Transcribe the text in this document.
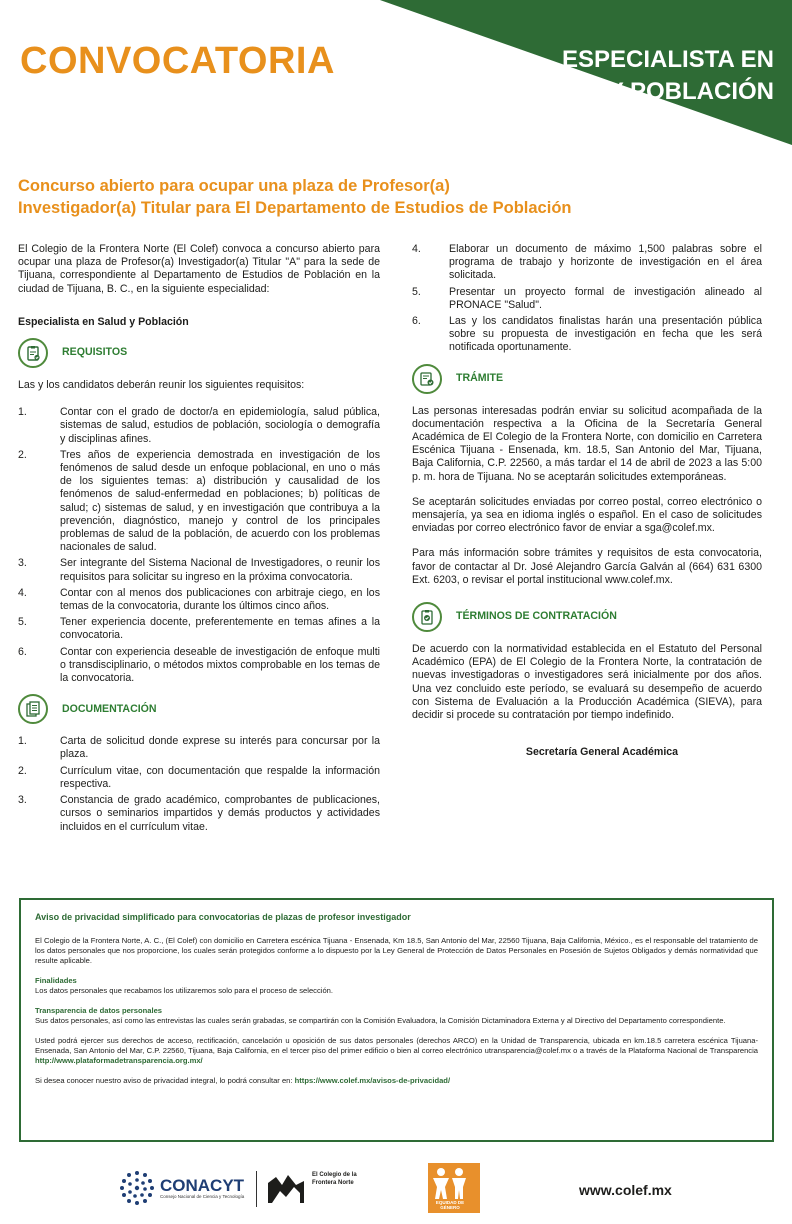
CONVOCATORIA	ESPECIALISTA EN
SALUD Y POBLACIÓN
Concurso abierto para ocupar una plaza de Profesor(a)
Investigador(a) Titular para El Departamento de Estudios de Población

El Colegio de la Frontera Norte (El Colef) convoca a concurso abierto para ocupar una plaza de Profesor(a) Investigador(a) Titular "A" para la sede de Tijuana, correspondiente al Departamento de Estudios de Población en la ciudad de Tijuana, B. C., en la siguiente especialidad:

Especialista en Salud y Población

REQUISITOS

Las y los candidatos deberán reunir los siguientes requisitos:

1.	Contar con el grado de doctor/a en epidemiología, salud pública, sistemas de salud, estudios de población, sociología o demografía y disciplinas afines.
2.	Tres años de experiencia demostrada en investigación de los fenómenos de salud desde un enfoque poblacional, en uno o más de los siguientes temas: a) distribución y causalidad de los fenómenos de salud-enfermedad en poblaciones; b) políticas de salud; c) sistemas de salud, y en investigación que contribuya a la prevención, diagnóstico, manejo y control de los principales problemas de salud de la población, de acuerdo con los problemas nacionales de salud.
3.	Ser integrante del Sistema Nacional de Investigadores, o reunir los requisitos para solicitar su ingreso en la próxima convocatoria.
4.	Contar con al menos dos publicaciones con arbitraje ciego, en los temas de la convocatoria, durante los últimos cinco años.
5.	Tener experiencia docente, preferentemente en temas afines a la convocatoria.
6.	Contar con experiencia deseable de investigación de enfoque multi o transdisciplinario, o métodos mixtos comprobable en los temas de la convocatoria.
DOCUMENTACIÓN
1.	Carta de solicitud donde exprese su interés para concursar por la plaza.
2.	Currículum vitae, con documentación que respalde la información respectiva.
3.	Constancia de grado académico, comprobantes de publicaciones, cursos o seminarios impartidos y demás productos y actividades incluidos en el currículum vitae.
4.	Elaborar un documento de máximo 1,500 palabras sobre el programa de trabajo y horizonte de investigación en el área solicitada.
5.	Presentar un proyecto formal de investigación alineado al PRONACE "Salud".
6.	Las y los candidatos finalistas harán una presentación pública sobre su propuesta de investigación en fecha que les será notificada oportunamente.
TRÁMITE

Las personas interesadas podrán enviar su solicitud acompañada de la documentación respectiva a la Oficina de la Secretaría General Académica de El Colegio de la Frontera Norte, con domicilio en Carretera Escénica Tijuana - Ensenada, km. 18.5, San Antonio del Mar, Tijuana, Baja California, C.P. 22560, a más tardar el 14 de abril de 2023 a las 5:00 p. m. hora de Tijuana. No se aceptarán solicitudes extemporáneas.

Se aceptarán solicitudes enviadas por correo postal, correo electrónico o mensajería, ya sea en idioma inglés o español. En el caso de solicitudes enviadas por correo electrónico favor de enviar a sga@colef.mx.

Para más información sobre trámites y requisitos de esta convocatoria, favor de contactar al Dr. José Alejandro García Galván al (664) 631 6300 Ext. 6203, o revisar el portal institucional www.colef.mx.

TÉRMINOS DE CONTRATACIÓN

De acuerdo con la normatividad establecida en el Estatuto del Personal Académico (EPA) de El Colegio de la Frontera Norte, la contratación de nuevas investigadoras o investigadores será inicialmente por dos años. Una vez concluido este período, se evaluará su desempeño de acuerdo con Sistema de Evaluación a la Producción Académica (SIEVA), para decidir si procede su contratación por tiempo indefinido.

Secretaría General Académica

Aviso de privacidad simplificado para convocatorias de plazas de profesor investigador

El Colegio de la Frontera Norte, A. C., (El Colef) con domicilio en Carretera escénica Tijuana - Ensenada, Km 18.5, San Antonio del Mar, 22560 Tijuana, Baja California, México., es el responsable del tratamiento de los datos personales que nos proporcione, los cuales serán protegidos conforme a lo dispuesto por la Ley General de Protección de Datos Personales en Posesión de Sujetos Obligados y demás normatividad que resulte aplicable.

Finalidades

Los datos personales que recabamos los utilizaremos solo para el proceso de selección.

Transparencia de datos personales

Sus datos personales, así como las entrevistas las cuales serán grabadas, se compartirán con la Comisión Evaluadora, la Comisión Dictaminadora Externa y al Directivo del Departamento correspondiente.

Usted podrá ejercer sus derechos de acceso, rectificación, cancelación u oposición de sus datos personales (derechos ARCO) en la Unidad de Transparencia, ubicada en km.18.5 carretera escénica Tijuana-Ensenada, San Antonio del Mar, C.P. 22560, Tijuana, Baja California, en el tercer piso del primer edificio o bien al correo electrónico utransparencia@colef.mx o a través de la Plataforma Nacional de Transparencia http://www.plataformadetransparencia.org.mx/

Si desea conocer nuestro aviso de privacidad integral, lo podrá consultar en: https://www.colef.mx/avisos-de-privacidad/

CONACYT
Consejo Nacional de Ciencia y Tecnología
El Colegio de la Frontera Norte
EQUIDAD DE GÉNERO
www.colef.mx
